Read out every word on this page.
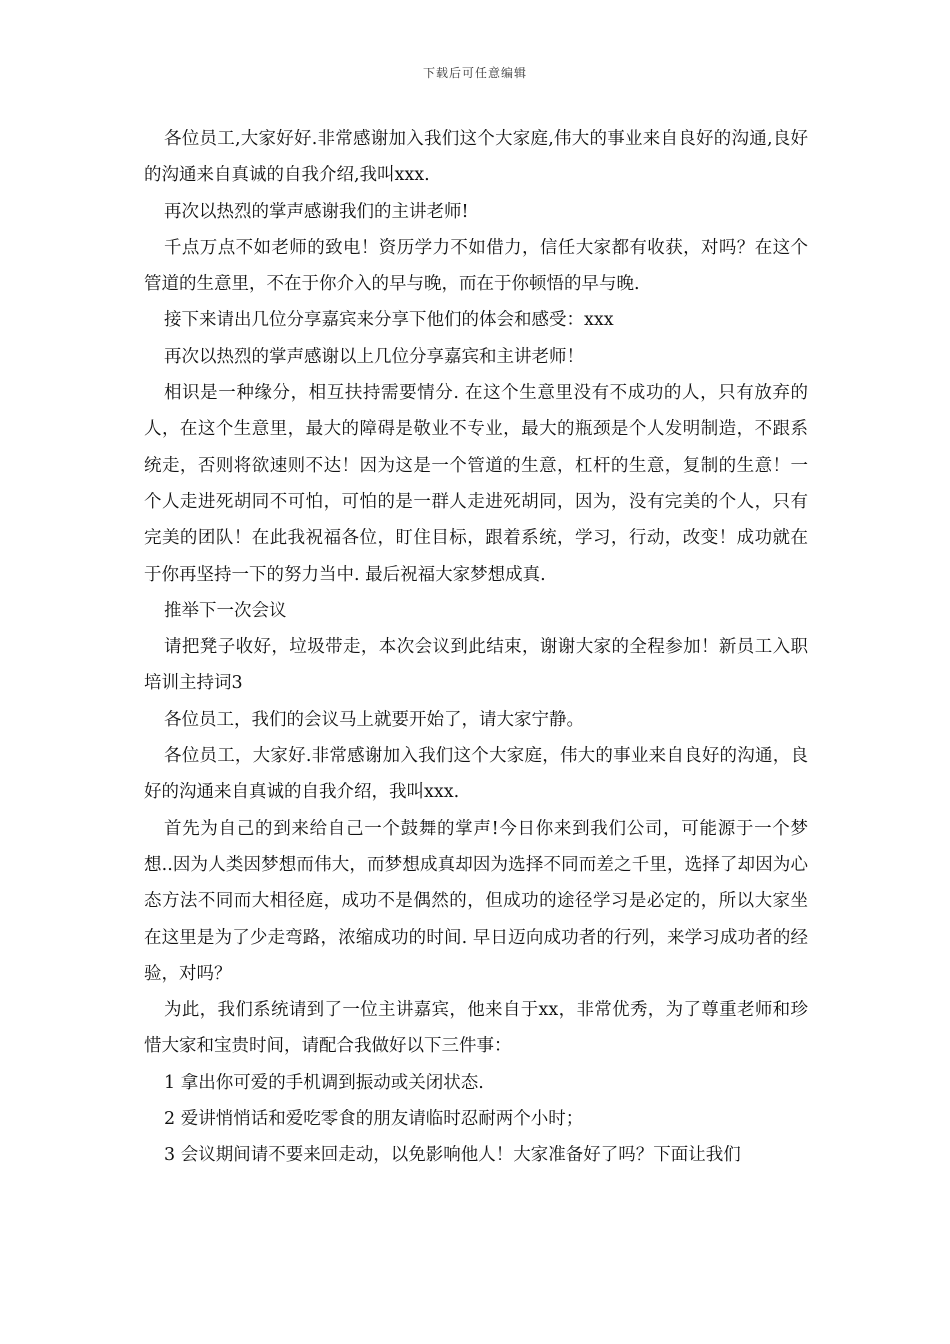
下载后可任意编辑

各位员工,大家好好.非常感谢加入我们这个大家庭,伟大的事业来自良好的沟通,良好的沟通来自真诚的自我介绍,我叫xxx.

再次以热烈的掌声感谢我们的主讲老师!

千点万点不如老师的致电！资历学力不如借力，信任大家都有收获，对吗？在这个管道的生意里，不在于你介入的早与晚，而在于你顿悟的早与晚.

接下来请出几位分享嘉宾来分享下他们的体会和感受：xxx

再次以热烈的掌声感谢以上几位分享嘉宾和主讲老师！

相识是一种缘分，相互扶持需要情分. 在这个生意里没有不成功的人，只有放弃的人，在这个生意里，最大的障碍是敬业不专业，最大的瓶颈是个人发明制造，不跟系统走，否则将欲速则不达！因为这是一个管道的生意，杠杆的生意，复制的生意！一个人走进死胡同不可怕，可怕的是一群人走进死胡同，因为，没有完美的个人，只有完美的团队！在此我祝福各位，盯住目标，跟着系统，学习，行动，改变！成功就在于你再坚持一下的努力当中. 最后祝福大家梦想成真.

推举下一次会议

请把凳子收好，垃圾带走，本次会议到此结束，谢谢大家的全程参加！新员工入职培训主持词3

各位员工，我们的会议马上就要开始了，请大家宁静。

各位员工，大家好.非常感谢加入我们这个大家庭，伟大的事业来自良好的沟通，良好的沟通来自真诚的自我介绍，我叫xxx.

首先为自己的到来给自己一个鼓舞的掌声!今日你来到我们公司，可能源于一个梦想..因为人类因梦想而伟大，而梦想成真却因为选择不同而差之千里，选择了却因为心态方法不同而大相径庭，成功不是偶然的，但成功的途径学习是必定的，所以大家坐在这里是为了少走弯路，浓缩成功的时间. 早日迈向成功者的行列，来学习成功者的经验，对吗？

为此，我们系统请到了一位主讲嘉宾，他来自于xx，非常优秀，为了尊重老师和珍惜大家和宝贵时间，请配合我做好以下三件事：

1 拿出你可爱的手机调到振动或关闭状态.

2 爱讲悄悄话和爱吃零食的朋友请临时忍耐两个小时；

3 会议期间请不要来回走动，以免影响他人！大家准备好了吗？下面让我们
